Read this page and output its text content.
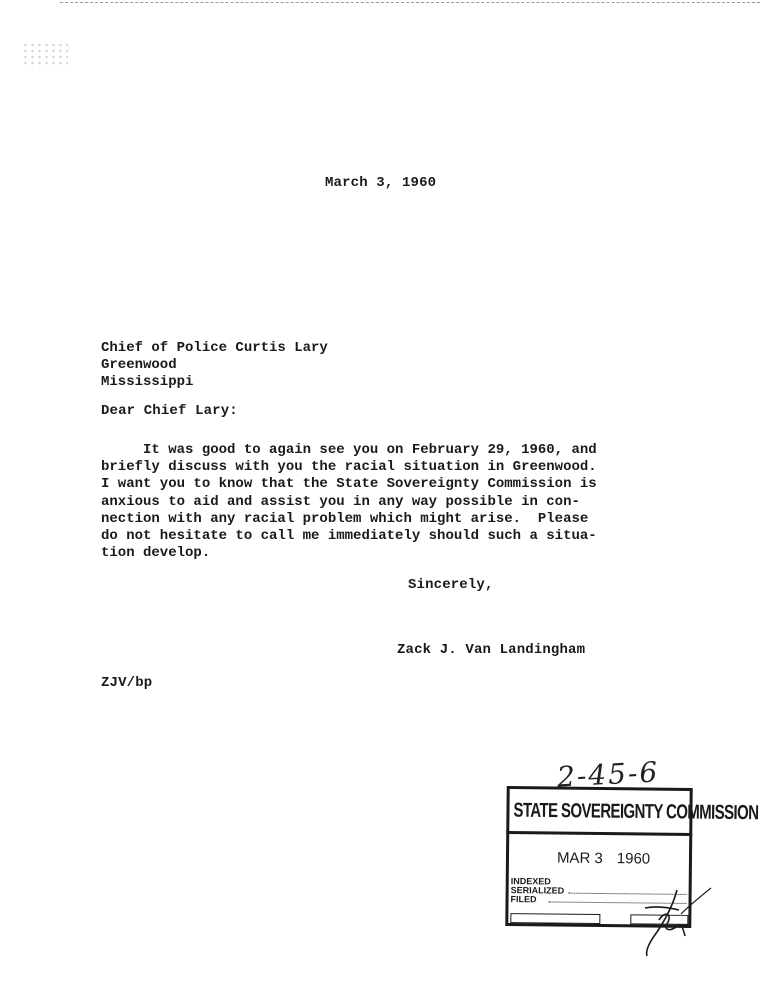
March 3, 1960
Chief of Police Curtis Lary
Greenwood
Mississippi
Dear Chief Lary:
It was good to again see you on February 29, 1960, and
briefly discuss with you the racial situation in Greenwood.
I want you to know that the State Sovereignty Commission is
anxious to aid and assist you in any way possible in con-
nection with any racial problem which might arise.  Please
do not hesitate to call me immediately should such a situa-
tion develop.
Sincerely,
Zack J. Van Landingham
ZJV/bp
2-45-6
STATE SOVEREIGNTY COMMISSION
MAR 3 1960
INDEXED
SERIALIZED
FILED
